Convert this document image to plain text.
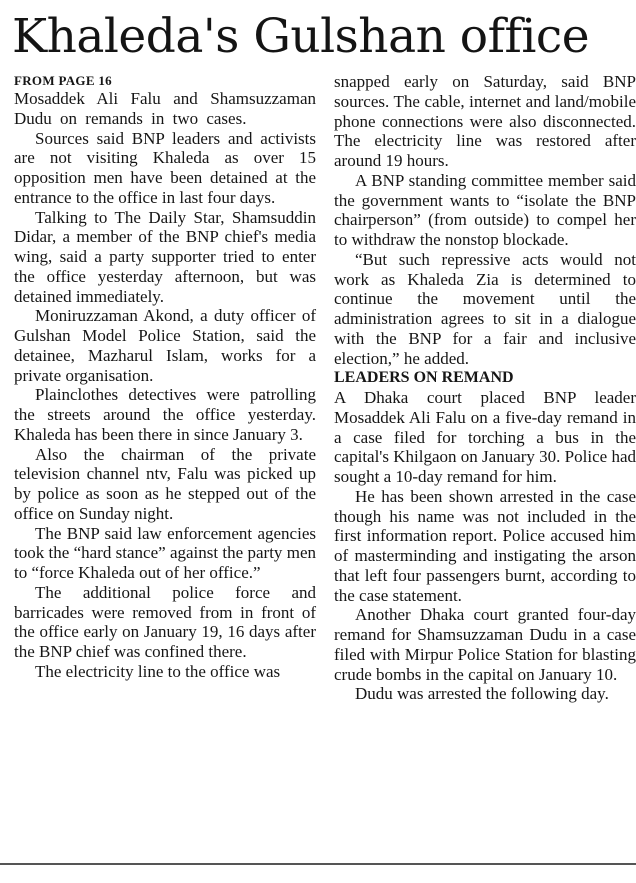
Khaleda's Gulshan office
FROM PAGE 16

Mosaddek Ali Falu and Shamsuzzaman Dudu on remands in two cases.

Sources said BNP leaders and activists are not visiting Khaleda as over 15 opposition men have been detained at the entrance to the office in last four days.

Talking to The Daily Star, Shamsuddin Didar, a member of the BNP chief's media wing, said a party supporter tried to enter the office yesterday afternoon, but was detained immediately.

Moniruzzaman Akond, a duty officer of Gulshan Model Police Station, said the detainee, Mazharul Islam, works for a private organisation.

Plainclothes detectives were patrolling the streets around the office yesterday. Khaleda has been there in since January 3.

Also the chairman of the private television channel ntv, Falu was picked up by police as soon as he stepped out of the office on Sunday night.

The BNP said law enforcement agencies took the “hard stance” against the party men to “force Khaleda out of her office.”

The additional police force and barricades were removed from in front of the office early on January 19, 16 days after the BNP chief was confined there.

The electricity line to the office was

snapped early on Saturday, said BNP sources. The cable, internet and land/mobile phone connections were also disconnected. The electricity line was restored after around 19 hours.

A BNP standing committee member said the government wants to “isolate the BNP chairperson” (from outside) to compel her to withdraw the nonstop blockade.

“But such repressive acts would not work as Khaleda Zia is determined to continue the movement until the administration agrees to sit in a dialogue with the BNP for a fair and inclusive election,” he added.

LEADERS ON REMAND

A Dhaka court placed BNP leader Mosaddek Ali Falu on a five-day remand in a case filed for torching a bus in the capital's Khilgaon on January 30. Police had sought a 10-day remand for him.

He has been shown arrested in the case though his name was not included in the first information report. Police accused him of masterminding and instigating the arson that left four passengers burnt, according to the case statement.

Another Dhaka court granted four-day remand for Shamsuzzaman Dudu in a case filed with Mirpur Police Station for blasting crude bombs in the capital on January 10.

Dudu was arrested the following day.
